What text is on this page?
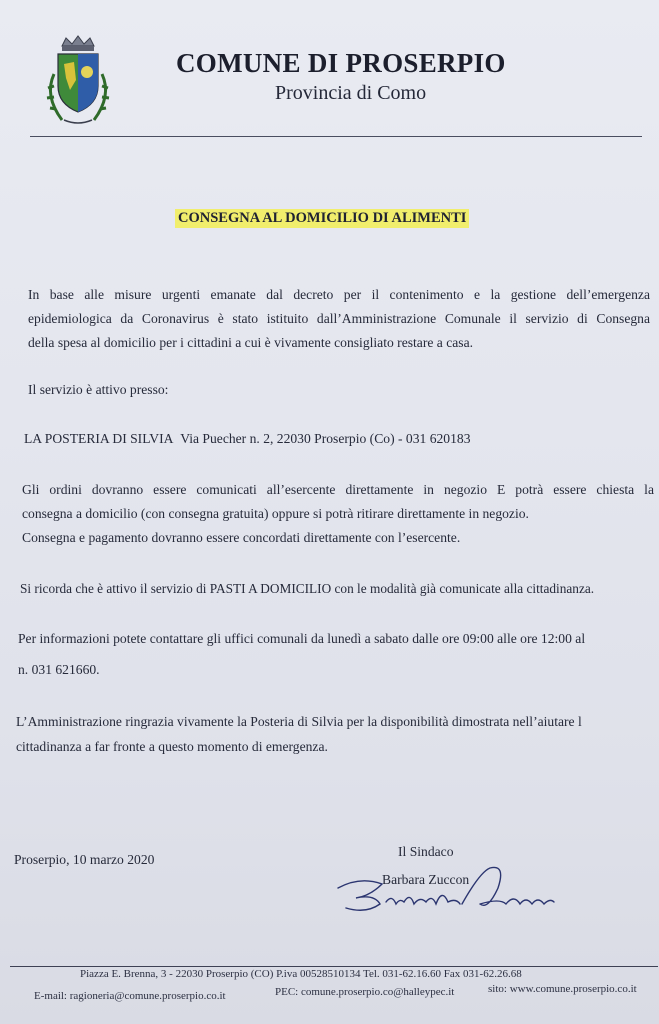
COMUNE DI PROSERPIO
Provincia di Como
CONSEGNA AL DOMICILIO DI ALIMENTI
In base alle misure urgenti emanate dal decreto per il contenimento e la gestione dell’emergenza
epidemiologica da Coronavirus è stato istituito dall’Amministrazione Comunale il servizio di Consegna
della spesa al domicilio per i cittadini a cui è vivamente consigliato restare a casa.
Il servizio è attivo presso:
LA POSTERIA DI SILVIA Via Puecher n. 2, 22030 Proserpio (Co) - 031 620183
Gli ordini dovranno essere comunicati all’esercente direttamente in negozio E potrà essere chiesta la
consegna a domicilio (con consegna gratuita) oppure si potrà ritirare direttamente in negozio.
Consegna e pagamento dovranno essere concordati direttamente con l’esercente.
Si ricorda che è attivo il servizio di PASTI A DOMICILIO con le modalità già comunicate alla cittadinanza.
Per informazioni potete contattare gli uffici comunali da lunedì a sabato dalle ore 09:00 alle ore 12:00 al
n. 031 621660.
L’Amministrazione ringrazia vivamente la Posteria di Silvia per la disponibilità dimostrata nell’aiutare l
cittadinanza a far fronte a questo momento di emergenza.
Proserpio, 10 marzo 2020
Il Sindaco
Barbara Zuccon
Piazza E. Brenna, 3 - 22030 Proserpio (CO) P.iva 00528510134 Tel. 031-62.16.60 Fax 031-62.26.68
E-mail: ragioneria@comune.proserpio.co.it	PEC: comune.proserpio.co@halleypec.it	sito: www.comune.proserpio.co.it
